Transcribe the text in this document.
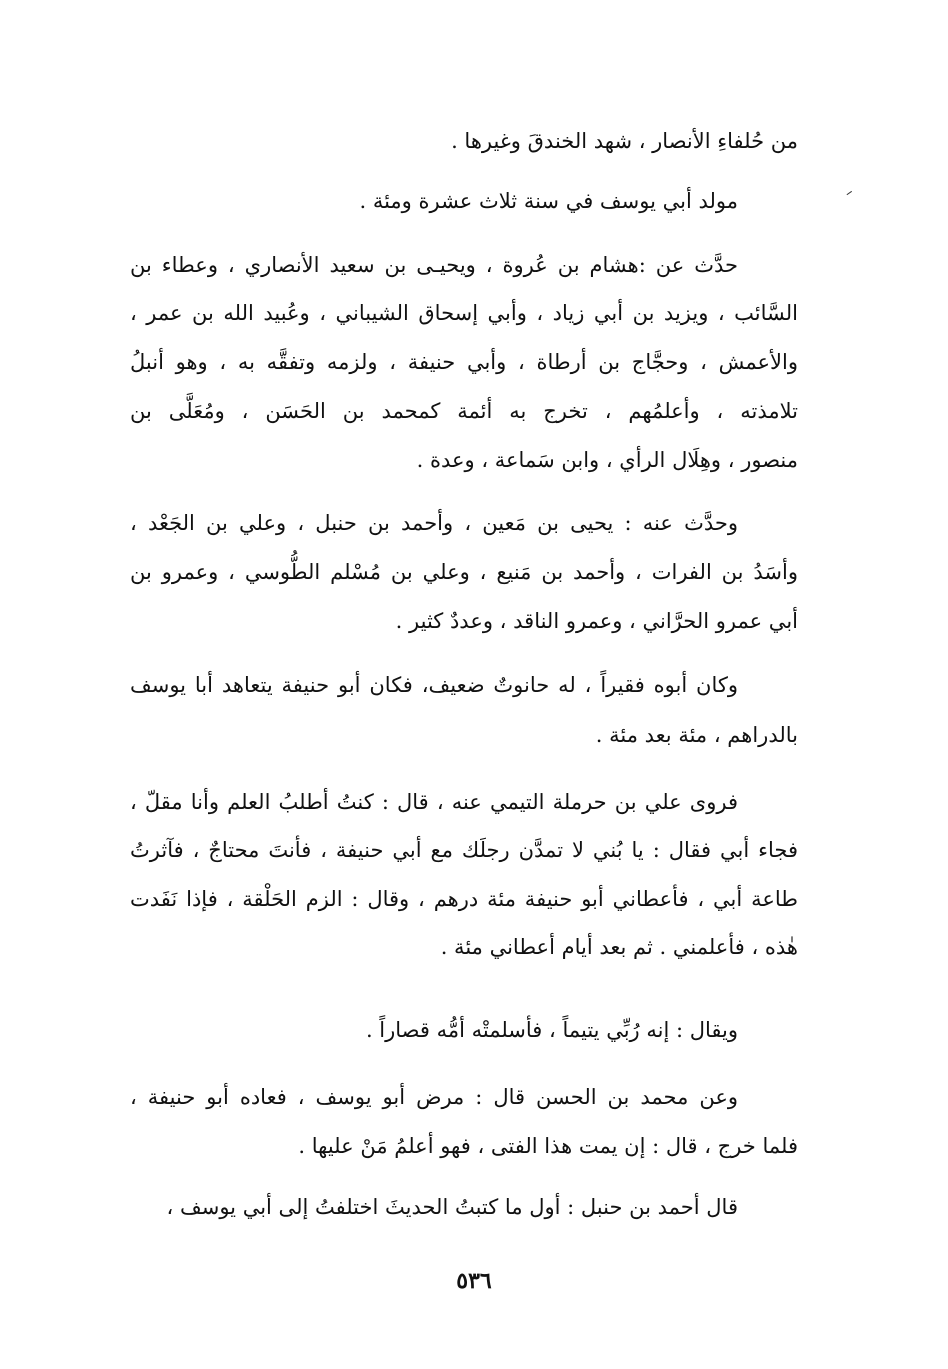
من حُلفاءِ الأنصار ، شهد الخندقَ وغيرها .
مولد أبي يوسف في سنة ثلاث عشرة ومئة .
حدَّث عن :هشام بن عُروة ، ويحيـى بن سعيد الأنصاري ، وعطاء بن
السَّائب ، ويزيد بن أبي زياد ، وأبي إسحاق الشيباني ، وعُبيد الله بن عمر ،
والأعمش ، وحجَّاج بن أرطاة ، وأبي حنيفة ، ولزمه وتفقَّه به ، وهو أنبلُ
تلامذته ، وأعلمُهم ، تخرج به أئمة كمحمد بن الحَسَن ، ومُعَلَّى بن
منصور ، وهِلَال الرأي ، وابن سَماعة ، وعدة .
وحدَّث عنه : يحيى بن مَعين ، وأحمد بن حنبل ، وعلي بن الجَعْد ،
وأسَدُ بن الفرات ، وأحمد بن مَنيع ، وعلي بن مُسْلم الطُّوسي ، وعمرو بن
أبي عمرو الحرَّاني ، وعمرو الناقد ، وعددٌ كثير .
وكان أبوه فقيراً ، له حانوتٌ ضعيف، فكان أبو حنيفة يتعاهد أبا يوسف
بالدراهم ، مئة بعد مئة .
فروى علي بن حرملة التيمي عنه ، قال : كنتُ أطلبُ العلم وأنا مقلّ ،
فجاء أبي فقال : يا بُني لا تمدَّن رجلَك مع أبي حنيفة ، فأنتَ محتاجٌ ، فآثرتُ
طاعة أبي ، فأعطاني أبو حنيفة مئة درهم ، وقال : الزم الحَلْقة ، فإذا نَفَدت
هٰذه ، فأعلمني . ثم بعد أيام أعطاني مئة .
ويقال : إنه رُبِّي يتيماً ، فأسلمتْه أمُّه قصاراً .
وعن محمد بن الحسن قال : مرض أبو يوسف ، فعاده أبو حنيفة ،
فلما خرج ، قال : إن يمت هذا الفتى ، فهو أعلمُ مَنْ عليها .
قال أحمد بن حنبل : أول ما كتبتُ الحديثَ اختلفتُ إلى أبي يوسف ،
٥٣٦
